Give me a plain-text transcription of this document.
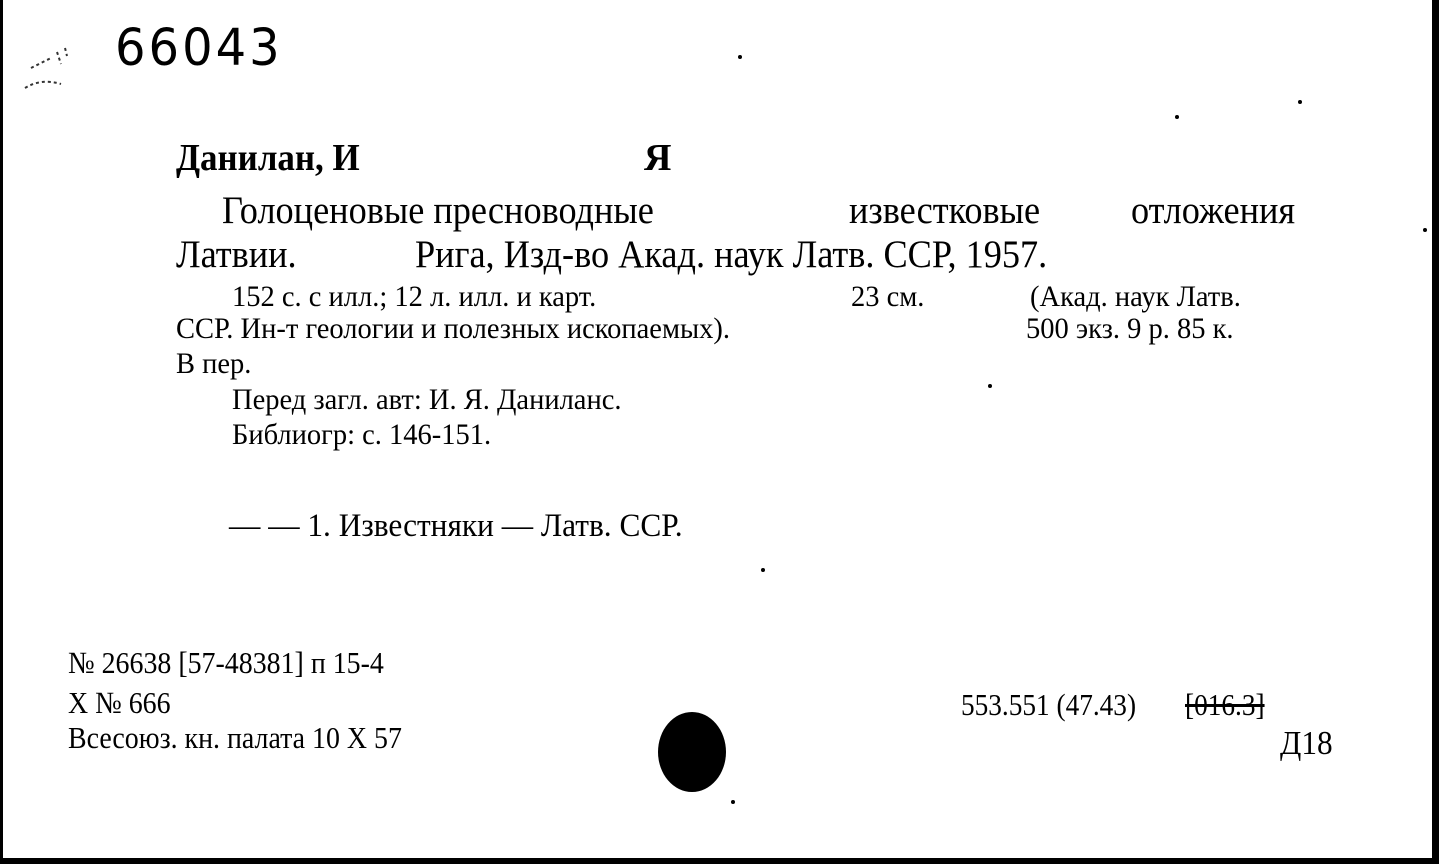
66043
Данилан, И	Я
Голоценовые пресноводные	известковые отложения
Латвии.	Рига, Изд-во Акад. наук Латв. ССР, 1957.
152 с. с илл.; 12 л. илл. и карт.	23 см.	(Акад. наук Латв.
ССР. Ин-т геологии и полезных ископаемых).	500 экз. 9 р. 85 к.
В пер.
Перед загл. авт: И. Я. Даниланс.
Библиогр: с. 146-151.
— — 1. Известняки — Латв. ССР.
№ 26638 [57-48381] п 15-4
Х № 666
Всесоюз. кн. палата 10 Х 57
553.551 (47.43) [016.3]
Д18
